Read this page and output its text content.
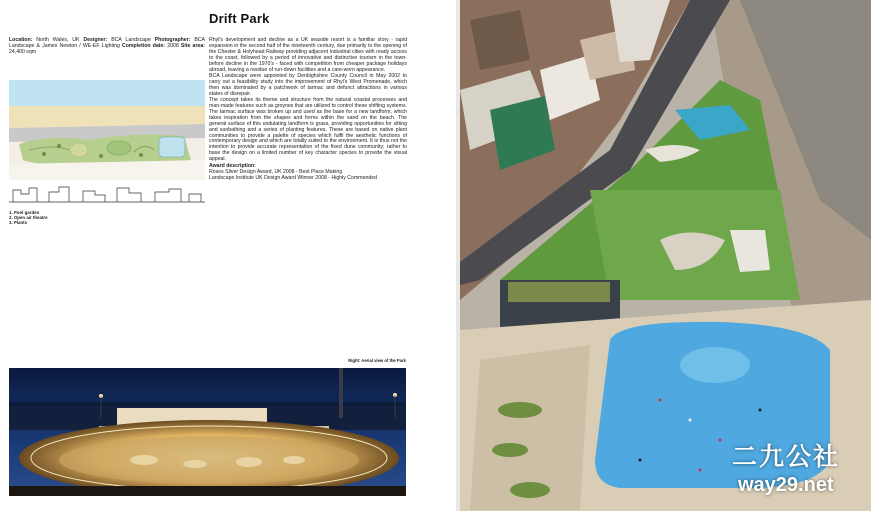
Drift Park
Location: North Wales, UK Designer: BCA Landscape Photographer: BCA Landscape & James Newton / WE-EF Lighting Completion date: 2008 Site area: 24,400 sqm
1. Pool garden
2. Open air theatre
3. Plants

Rhyl's development and decline as a UK seaside resort is a familiar story - rapid expansion in the second half of the nineteenth century, due primarily to the opening of the Chester & Holyhead Railway providing adjacent industrial cities with ready access to the coast, followed by a period of innovative and distinctive tourism in the town-before decline in the 1970's - faced with competition from cheaper package holidays abroad, leaving a residue of run-down facilities and a care-worn appearance.

BCA Landscape were appointed by Denbighshire County Council in May 2002 to carry out a feasibility study into the improvement of Rhyl's West Promenade, which then was dominated by a patchwork of tarmac and defunct attractions in various states of disrepair.

The concept takes its theme and structure from the natural coastal processes and man-made features such as groynes that are utilized to control these shifting systems. The tarmac surface was broken up and used as the base for a new landform, which takes inspiration from the shapes and forms within the sand on the beach. The general surface of this undulating landform is grass, providing opportunities for sitting and sunbathing and a series of planting features. These are based on native plant communities to provide a palette of species which fulfil the aesthetic functions of contemporary design and which are totally suited to the environment. It is thus not the intention to provide accurate representation of the fixed dune community; rather to base the design on a limited number of key character species to provide the visual appeal.

Award description:

Roses Silver Design Award, UK 2008 - Best Place Making

Landscape Institute UK Design Award Winner 2008 - Highly Commended

Right: Aerial view of the Park
二九公社
way29.net
